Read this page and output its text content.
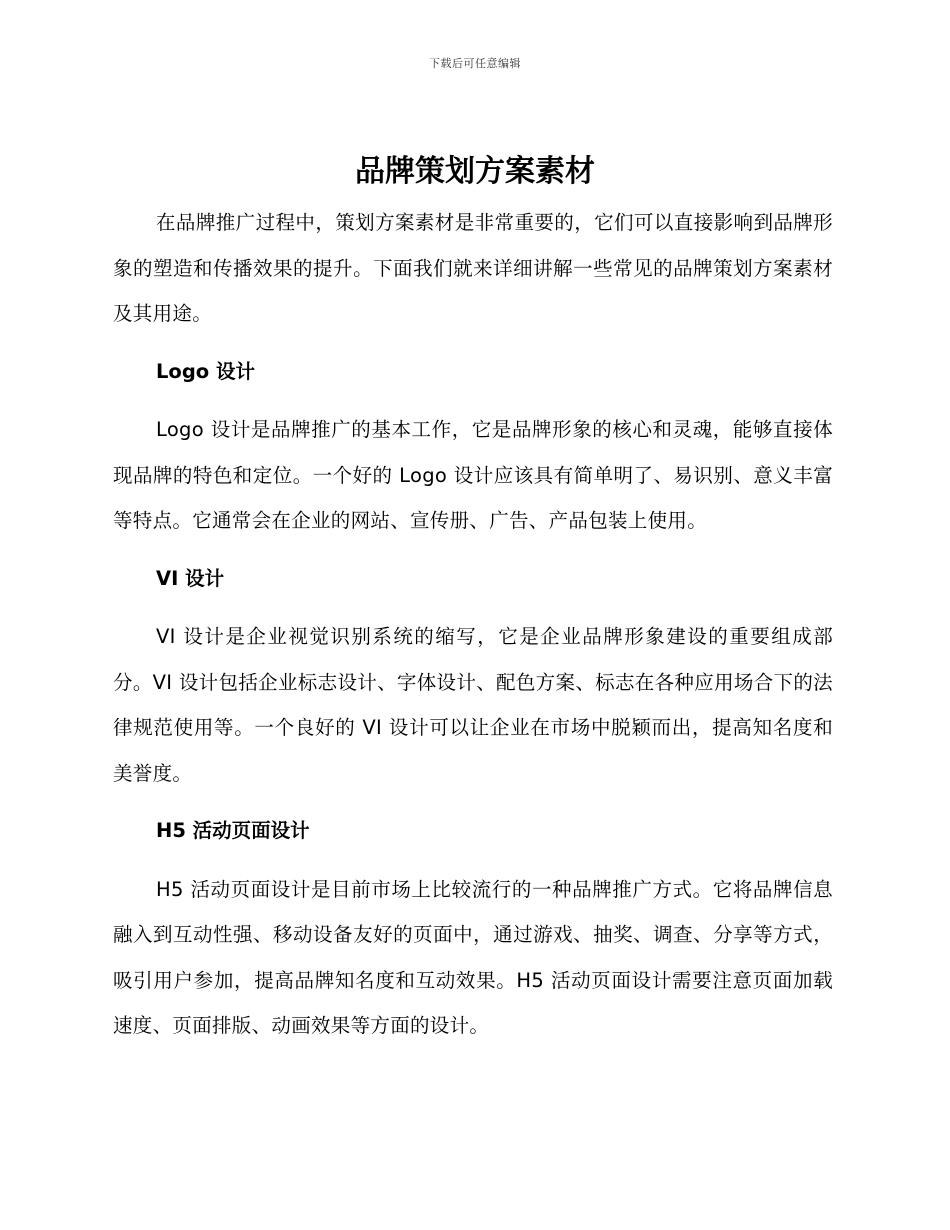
下载后可任意编辑
品牌策划方案素材

在品牌推广过程中，策划方案素材是非常重要的，它们可以直接影响到品牌形象的塑造和传播效果的提升。下面我们就来详细讲解一些常见的品牌策划方案素材及其用途。

Logo 设计

Logo 设计是品牌推广的基本工作，它是品牌形象的核心和灵魂，能够直接体现品牌的特色和定位。一个好的 Logo 设计应该具有简单明了、易识别、意义丰富等特点。它通常会在企业的网站、宣传册、广告、产品包装上使用。

VI 设计

VI 设计是企业视觉识别系统的缩写，它是企业品牌形象建设的重要组成部分。VI 设计包括企业标志设计、字体设计、配色方案、标志在各种应用场合下的法律规范使用等。一个良好的 VI 设计可以让企业在市场中脱颖而出，提高知名度和美誉度。

H5 活动页面设计

H5 活动页面设计是目前市场上比较流行的一种品牌推广方式。它将品牌信息融入到互动性强、移动设备友好的页面中，通过游戏、抽奖、调查、分享等方式，吸引用户参加，提高品牌知名度和互动效果。H5 活动页面设计需要注意页面加载速度、页面排版、动画效果等方面的设计。
